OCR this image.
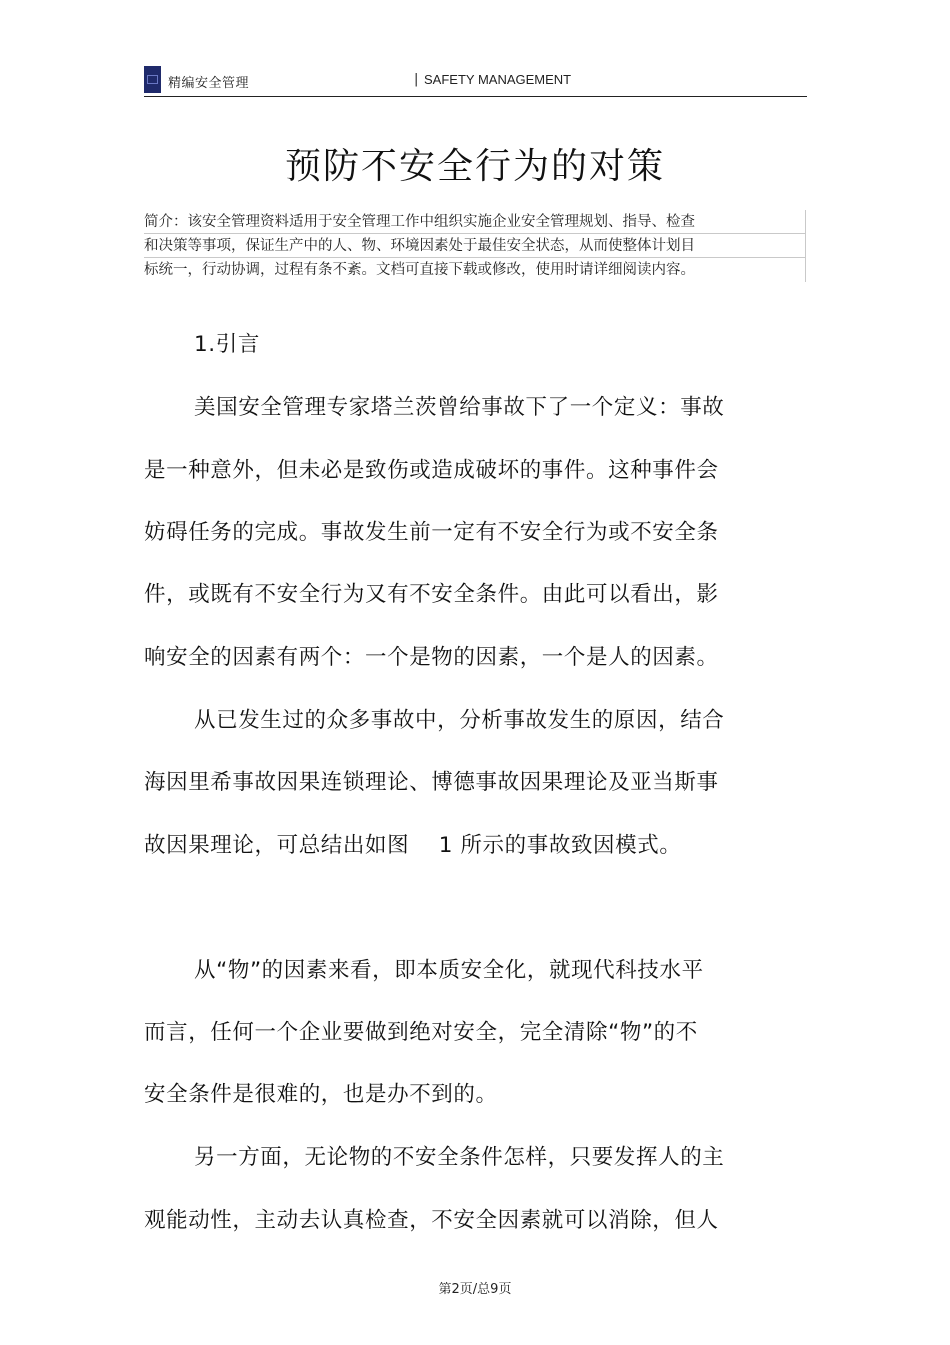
精编安全管理	| SAFETY MANAGEMENT
预防不安全行为的对策
简介：该安全管理资料适用于安全管理工作中组织实施企业安全管理规划、指导、检查
和决策等事项，保证生产中的人、物、环境因素处于最佳安全状态，从而使整体计划目
标统一，行动协调，过程有条不紊。文档可直接下载或修改，使用时请详细阅读内容。
1.引言
美国安全管理专家塔兰茨曾给事故下了一个定义：事故
是一种意外，但未必是致伤或造成破坏的事件。这种事件会
妨碍任务的完成。事故发生前一定有不安全行为或不安全条
件，或既有不安全行为又有不安全条件。由此可以看出，影
响安全的因素有两个：一个是物的因素，一个是人的因素。
从已发生过的众多事故中，分析事故发生的原因，结合
海因里希事故因果连锁理论、博德事故因果理论及亚当斯事
故因果理论，可总结出如图　 1 所示的事故致因模式。
从“物”的因素来看，即本质安全化，就现代科技水平
而言，任何一个企业要做到绝对安全，完全清除“物”的不
安全条件是很难的，也是办不到的。
另一方面，无论物的不安全条件怎样，只要发挥人的主
观能动性，主动去认真检查，不安全因素就可以消除，但人
第2页/总9页
